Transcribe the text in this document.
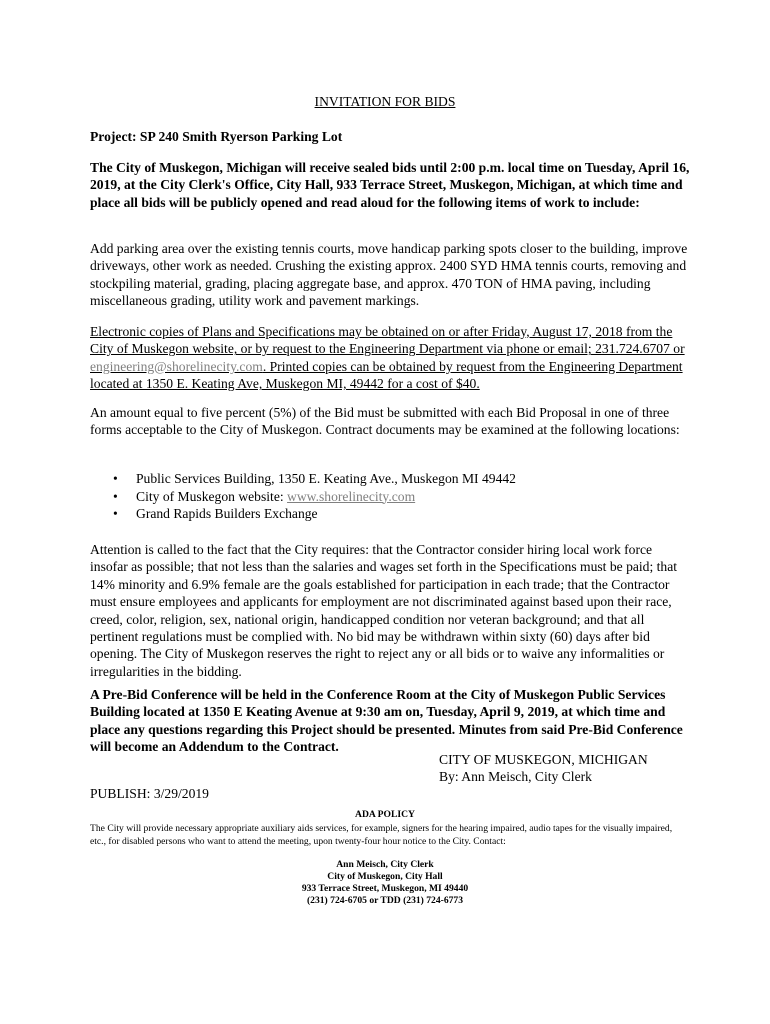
INVITATION FOR BIDS
Project: SP 240 Smith Ryerson Parking Lot
The City of Muskegon, Michigan will receive sealed bids until 2:00 p.m. local time on Tuesday, April 16, 2019, at the City Clerk's Office, City Hall, 933 Terrace Street, Muskegon, Michigan, at which time and place all bids will be publicly opened and read aloud for the following items of work to include:
Add parking area over the existing tennis courts, move handicap parking spots closer to the building, improve driveways, other work as needed. Crushing the existing approx. 2400 SYD HMA tennis courts, removing and stockpiling material, grading, placing aggregate base, and approx. 470 TON of HMA paving, including miscellaneous grading, utility work and pavement markings.
Electronic copies of Plans and Specifications may be obtained on or after Friday, August 17, 2018 from the City of Muskegon website, or by request to the Engineering Department via phone or email; 231.724.6707 or engineering@shorelinecity.com. Printed copies can be obtained by request from the Engineering Department located at 1350 E. Keating Ave, Muskegon MI, 49442 for a cost of $40.
An amount equal to five percent (5%) of the Bid must be submitted with each Bid Proposal in one of three forms acceptable to the City of Muskegon. Contract documents may be examined at the following locations:
• Public Services Building, 1350 E. Keating Ave., Muskegon MI 49442
• City of Muskegon website: www.shorelinecity.com
• Grand Rapids Builders Exchange
Attention is called to the fact that the City requires: that the Contractor consider hiring local work force insofar as possible; that not less than the salaries and wages set forth in the Specifications must be paid; that 14% minority and 6.9% female are the goals established for participation in each trade; that the Contractor must ensure employees and applicants for employment are not discriminated against based upon their race, creed, color, religion, sex, national origin, handicapped condition nor veteran background; and that all pertinent regulations must be complied with. No bid may be withdrawn within sixty (60) days after bid opening. The City of Muskegon reserves the right to reject any or all bids or to waive any informalities or irregularities in the bidding.
A Pre-Bid Conference will be held in the Conference Room at the City of Muskegon Public Services Building located at 1350 E Keating Avenue at 9:30 am on, Tuesday, April 9, 2019, at which time and place any questions regarding this Project should be presented. Minutes from said Pre-Bid Conference will become an Addendum to the Contract.
CITY OF MUSKEGON, MICHIGAN
By: Ann Meisch, City Clerk
PUBLISH: 3/29/2019
ADA POLICY
The City will provide necessary appropriate auxiliary aids services, for example, signers for the hearing impaired, audio tapes for the visually impaired, etc., for disabled persons who want to attend the meeting, upon twenty-four hour notice to the City. Contact:
Ann Meisch, City Clerk
City of Muskegon, City Hall
933 Terrace Street, Muskegon, MI 49440
(231) 724-6705 or TDD (231) 724-6773
